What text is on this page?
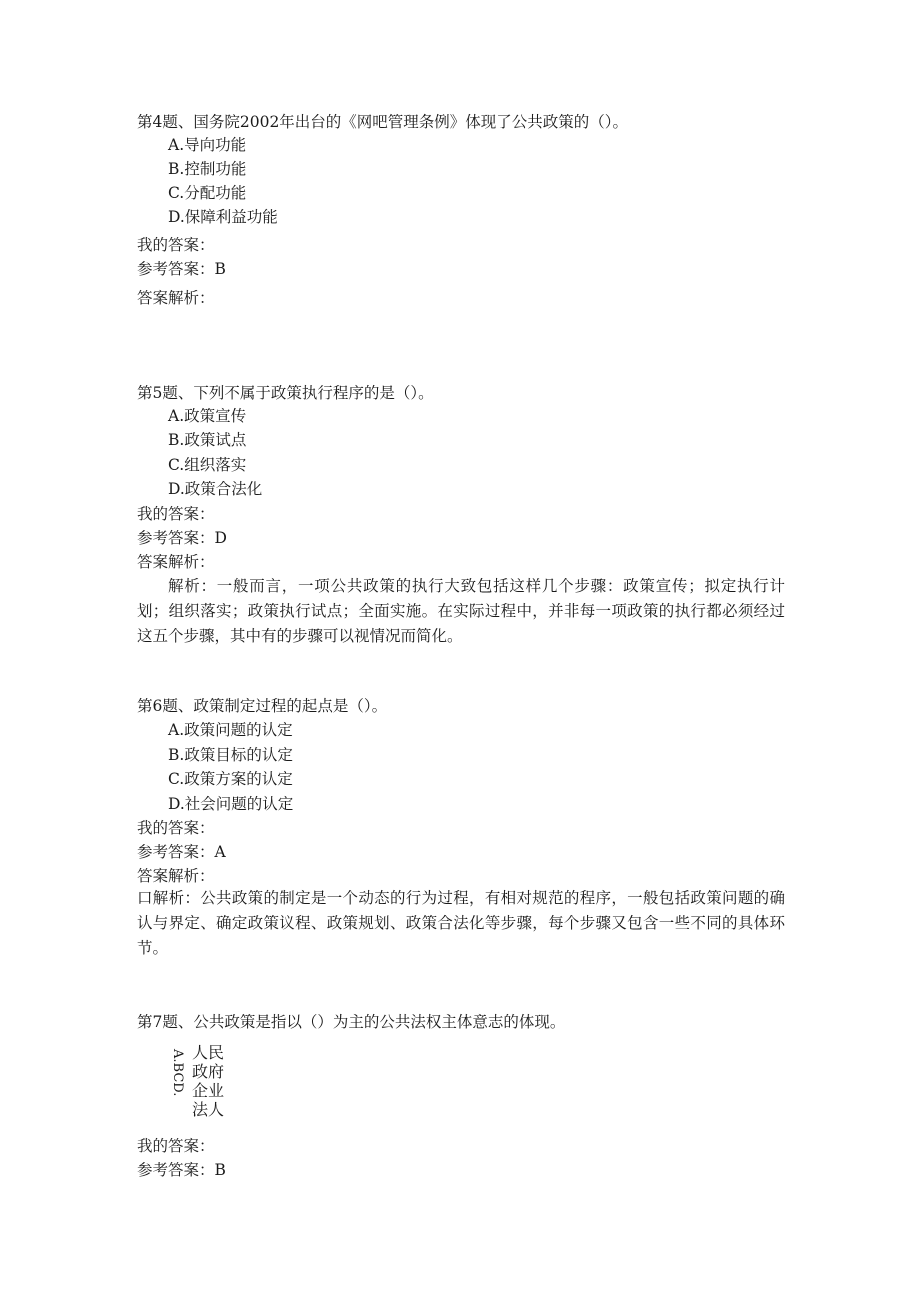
第4题、国务院2002年出台的《网吧管理条例》体现了公共政策的（）。
A.导向功能
B.控制功能
C.分配功能
D.保障利益功能
我的答案：
参考答案：B
答案解析：
第5题、下列不属于政策执行程序的是（）。
A.政策宣传
B.政策试点
C.组织落实
D.政策合法化
我的答案：
参考答案：D
答案解析：
解析：一般而言，一项公共政策的执行大致包括这样几个步骤：政策宣传；拟定执行计划；组织落实；政策执行试点；全面实施。在实际过程中，并非每一项政策的执行都必须经过这五个步骤，其中有的步骤可以视情况而简化。
第6题、政策制定过程的起点是（）。
A.政策问题的认定
B.政策目标的认定
C.政策方案的认定
D.社会问题的认定
我的答案：
参考答案：A
答案解析：
口解析：公共政策的制定是一个动态的行为过程，有相对规范的程序，一般包括政策问题的确认与界定、确定政策议程、政策规划、政策合法化等步骤，每个步骤又包含一些不同的具体环节。
第7题、公共政策是指以（）为主的公共法权主体意志的体现。
A.BCD. 人民
政府
企业
法人
我的答案：
参考答案：B
